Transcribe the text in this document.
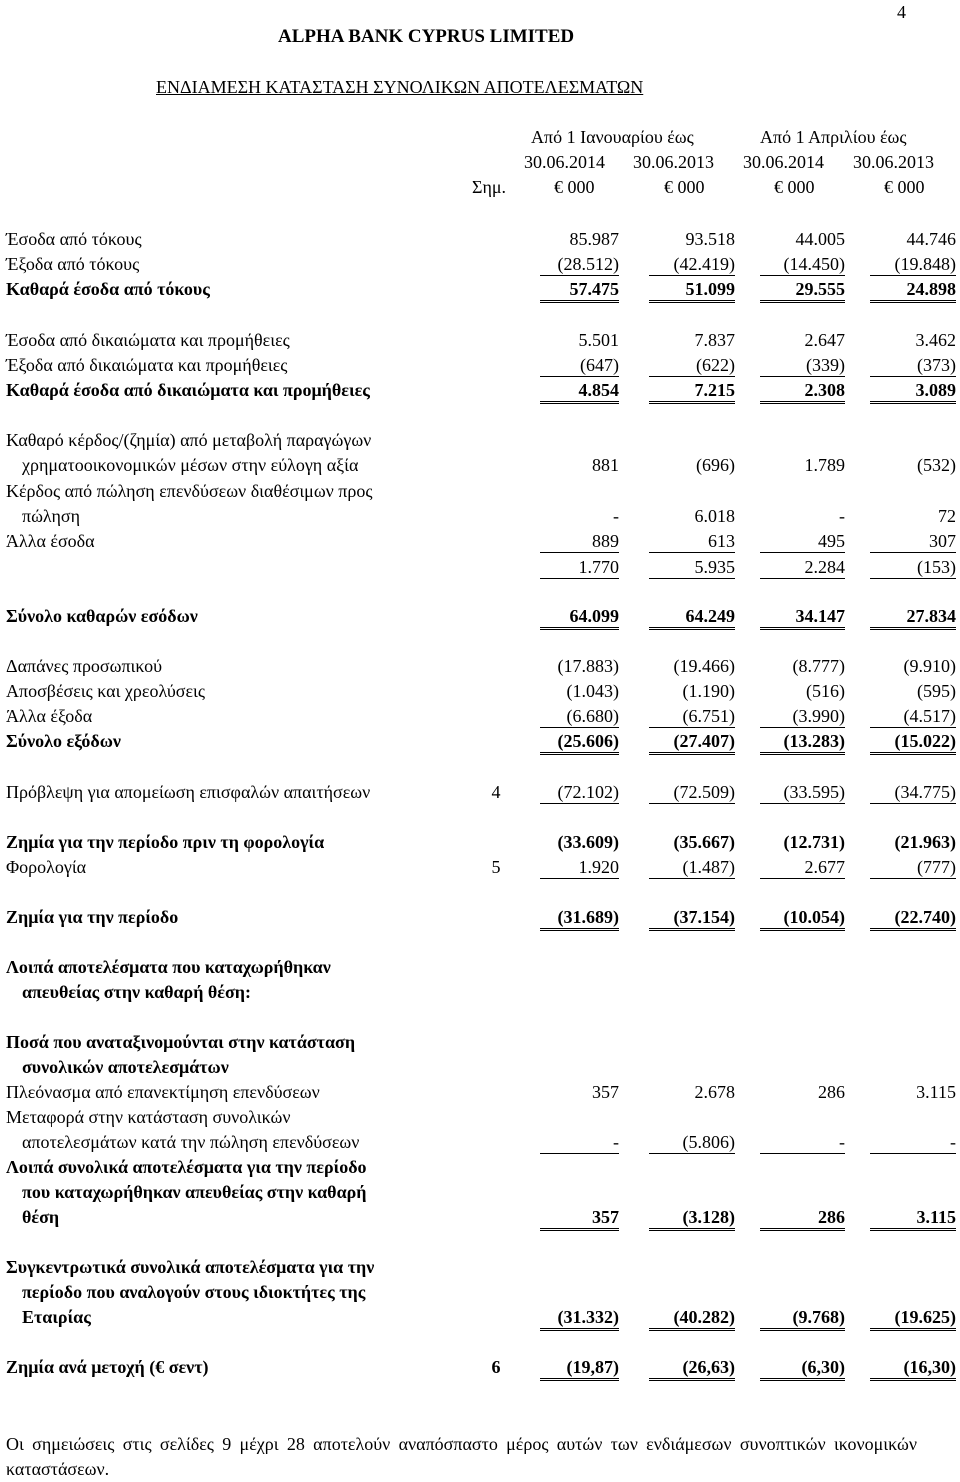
4
ALPHA BANK CYPRUS LIMITED
ΕΝΔΙΑΜΕΣΗ ΚΑΤΑΣΤΑΣΗ ΣΥΝΟΛΙΚΩΝ ΑΠΟΤΕΛΕΣΜΑΤΩΝ
Από 1 Ιανουαρίου έως	Από 1 Απριλίου έως
30.06.2014 30.06.2013 30.06.2014 30.06.2013
Σημ.	€ 000	€ 000	€ 000	€ 000
Έσοδα από τόκους	85.987	93.518	44.005	44.746
Έξοδα από τόκους	(28.512)	(42.419)	(14.450)	(19.848)
Καθαρά έσοδα από τόκους	57.475	51.099	29.555	24.898
Έσοδα από δικαιώματα και προμήθειες	5.501	7.837	2.647	3.462
Έξοδα από δικαιώματα και προμήθειες	(647)	(622)	(339)	(373)
Καθαρά έσοδα από δικαιώματα και προμήθειες	4.854	7.215	2.308	3.089
Καθαρό κέρδος/(ζημία) από μεταβολή παραγώγων
χρηματοοικονομικών μέσων στην εύλογη αξία	881	(696)	1.789	(532)
Κέρδος από πώληση επενδύσεων διαθέσιμων προς
πώληση	-	6.018	-	72
Άλλα έσοδα	889	613	495	307
1.770	5.935	2.284	(153)
Σύνολο καθαρών εσόδων	64.099	64.249	34.147	27.834
Δαπάνες προσωπικού	(17.883)	(19.466)	(8.777)	(9.910)
Αποσβέσεις και χρεολύσεις	(1.043)	(1.190)	(516)	(595)
Άλλα έξοδα	(6.680)	(6.751)	(3.990)	(4.517)
Σύνολο εξόδων	(25.606)	(27.407)	(13.283)	(15.022)
Πρόβλεψη για απομείωση επισφαλών απαιτήσεων	4	(72.102)	(72.509)	(33.595)	(34.775)
Ζημία για την περίοδο πριν τη φορολογία	(33.609)	(35.667)	(12.731)	(21.963)
Φορολογία	5	1.920	(1.487)	2.677	(777)
Ζημία για την περίοδο	(31.689)	(37.154)	(10.054)	(22.740)
Λοιπά αποτελέσματα που καταχωρήθηκαν
απευθείας στην καθαρή θέση:
Ποσά που αναταξινομούνται στην κατάσταση
συνολικών αποτελεσμάτων
Πλεόνασμα από επανεκτίμηση επενδύσεων	357	2.678	286	3.115
Μεταφορά στην κατάσταση συνολικών
αποτελεσμάτων κατά την πώληση επενδύσεων	-	(5.806)	-	-
Λοιπά συνολικά αποτελέσματα για την περίοδο
που καταχωρήθηκαν απευθείας στην καθαρή
θέση	357	(3.128)	286	3.115
Συγκεντρωτικά συνολικά αποτελέσματα για την
περίοδο που αναλογούν στους ιδιοκτήτες της
Εταιρίας	(31.332)	(40.282)	(9.768)	(19.625)
Ζημία ανά μετοχή (€ σεντ)	6	(19,87)	(26,63)	(6,30)	(16,30)
Οι σημειώσεις στις σελίδες 9 μέχρι 28 αποτελούν αναπόσπαστο μέρος αυτών των ενδιάμεσων συνοπτικών ικονομικών καταστάσεων.
